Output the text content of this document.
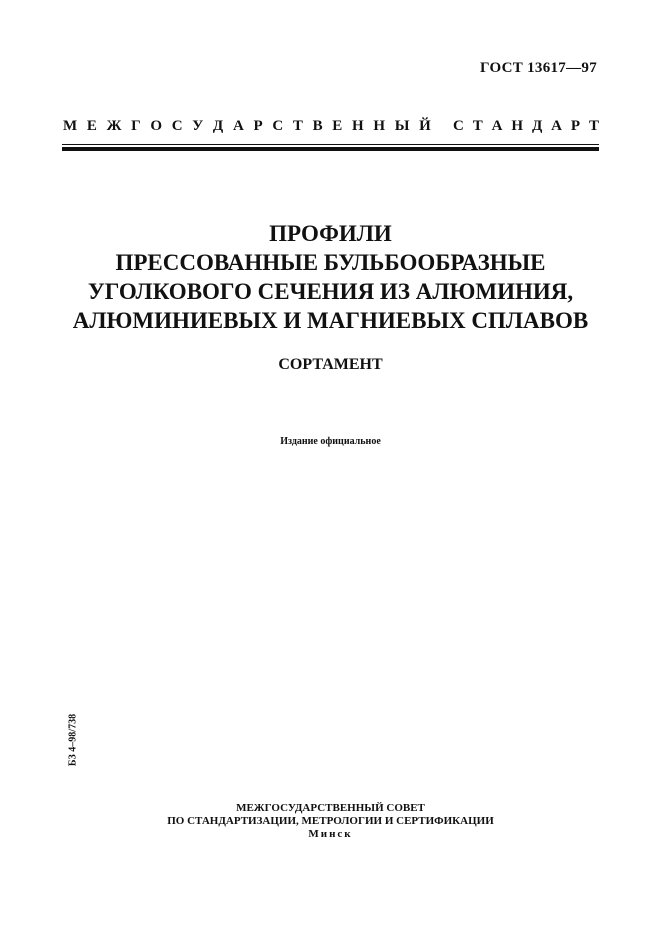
ГОСТ 13617—97
М Е Ж Г О С У Д А Р С Т В Е Н Н Ы Й С Т А Н Д А Р Т
ПРОФИЛИ
ПРЕССОВАННЫЕ БУЛЬБООБРАЗНЫЕ
УГОЛКОВОГО СЕЧЕНИЯ ИЗ АЛЮМИНИЯ,
АЛЮМИНИЕВЫХ И МАГНИЕВЫХ СПЛАВОВ
СОРТАМЕНТ
Издание официальное
БЗ 4–98/738
МЕЖГОСУДАРСТВЕННЫЙ СОВЕТ
ПО СТАНДАРТИЗАЦИИ, МЕТРОЛОГИИ И СЕРТИФИКАЦИИ
Минск
